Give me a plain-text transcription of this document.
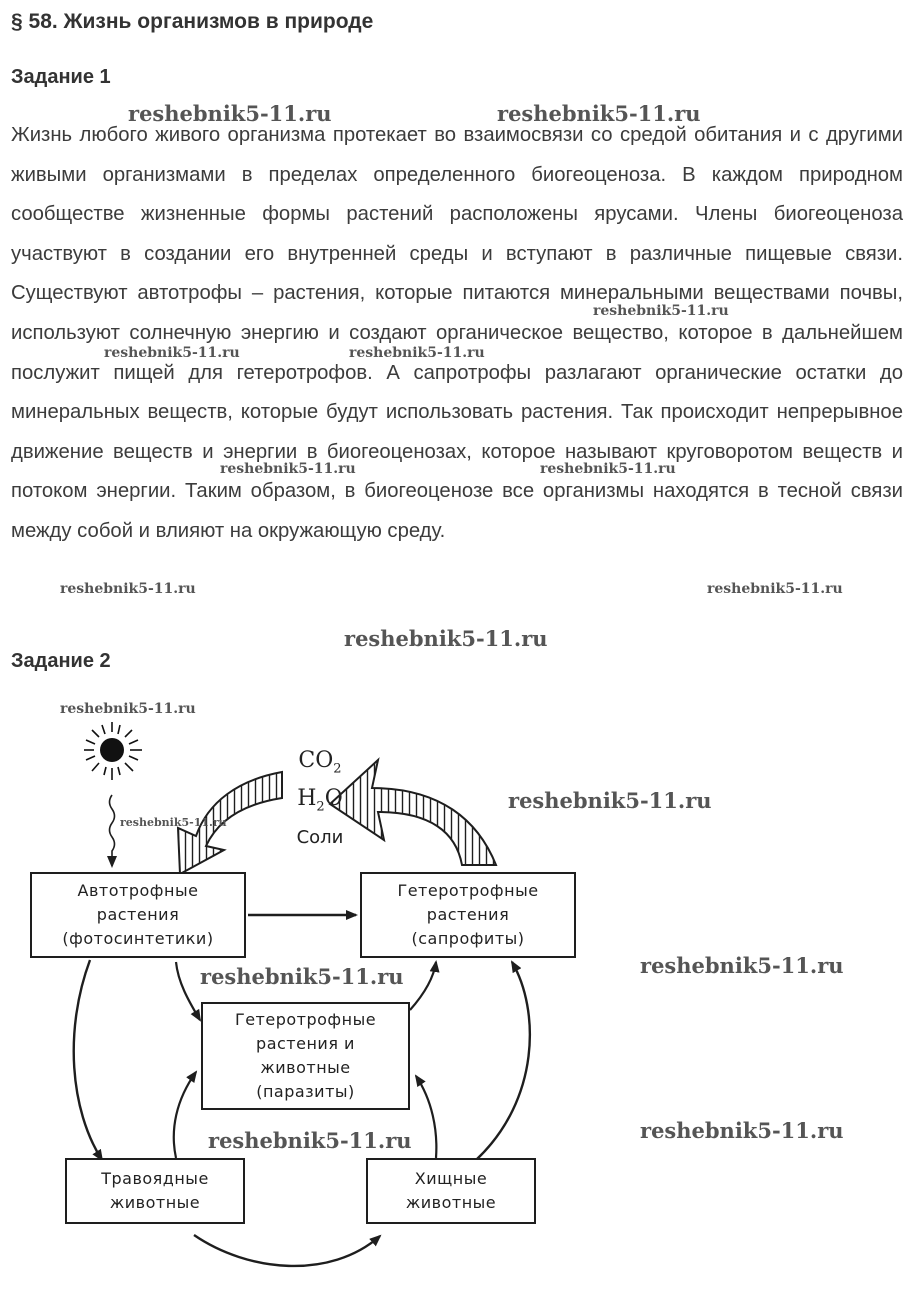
§ 58. Жизнь организмов в природе
Задание 1

Жизнь любого живого организма протекает во взаимосвязи со средой обитания и с другими живыми организмами в пределах определенного биогеоценоза. В каждом природном сообществе жизненные формы растений расположены ярусами. Члены биогеоценоза участвуют в создании его внутренней среды и вступают в различные пищевые связи. Существуют автотрофы – растения, которые питаются минеральными веществами почвы, используют солнечную энергию и создают органическое вещество, которое в дальнейшем послужит пищей для гетеротрофов. А сапротрофы разлагают органические остатки до минеральных веществ, которые будут использовать растения. Так происходит непрерывное движение веществ и энергии в биогеоценозах, которое называют круговоротом веществ и потоком энергии. Таким образом, в биогеоценозе все организмы находятся в тесной связи между собой и влияют на окружающую среду.

Задание 2
reshebnik5-11.ru	reshebnik5-11.ru
reshebnik5-11.ru
reshebnik5-11.ru	reshebnik5-11.ru
reshebnik5-11.ru	reshebnik5-11.ru
reshebnik5-11.ru	reshebnik5-11.ru
reshebnik5-11.ru
$CO_2$
$H_2O$
Соли
Автотрофные
растения
(фотосинтетики)
Гетеротрофные
растения
(сапрофиты)
Гетеротрофные
растения и
животные
(паразиты)
Травоядные
животные
Хищные
животные
reshebnik5-11.ru
reshebnik5-11.ru
reshebnik5-11.ru
reshebnik5-11.ru	reshebnik5-11.ru
reshebnik5-11.ru	reshebnik5-11.ru
